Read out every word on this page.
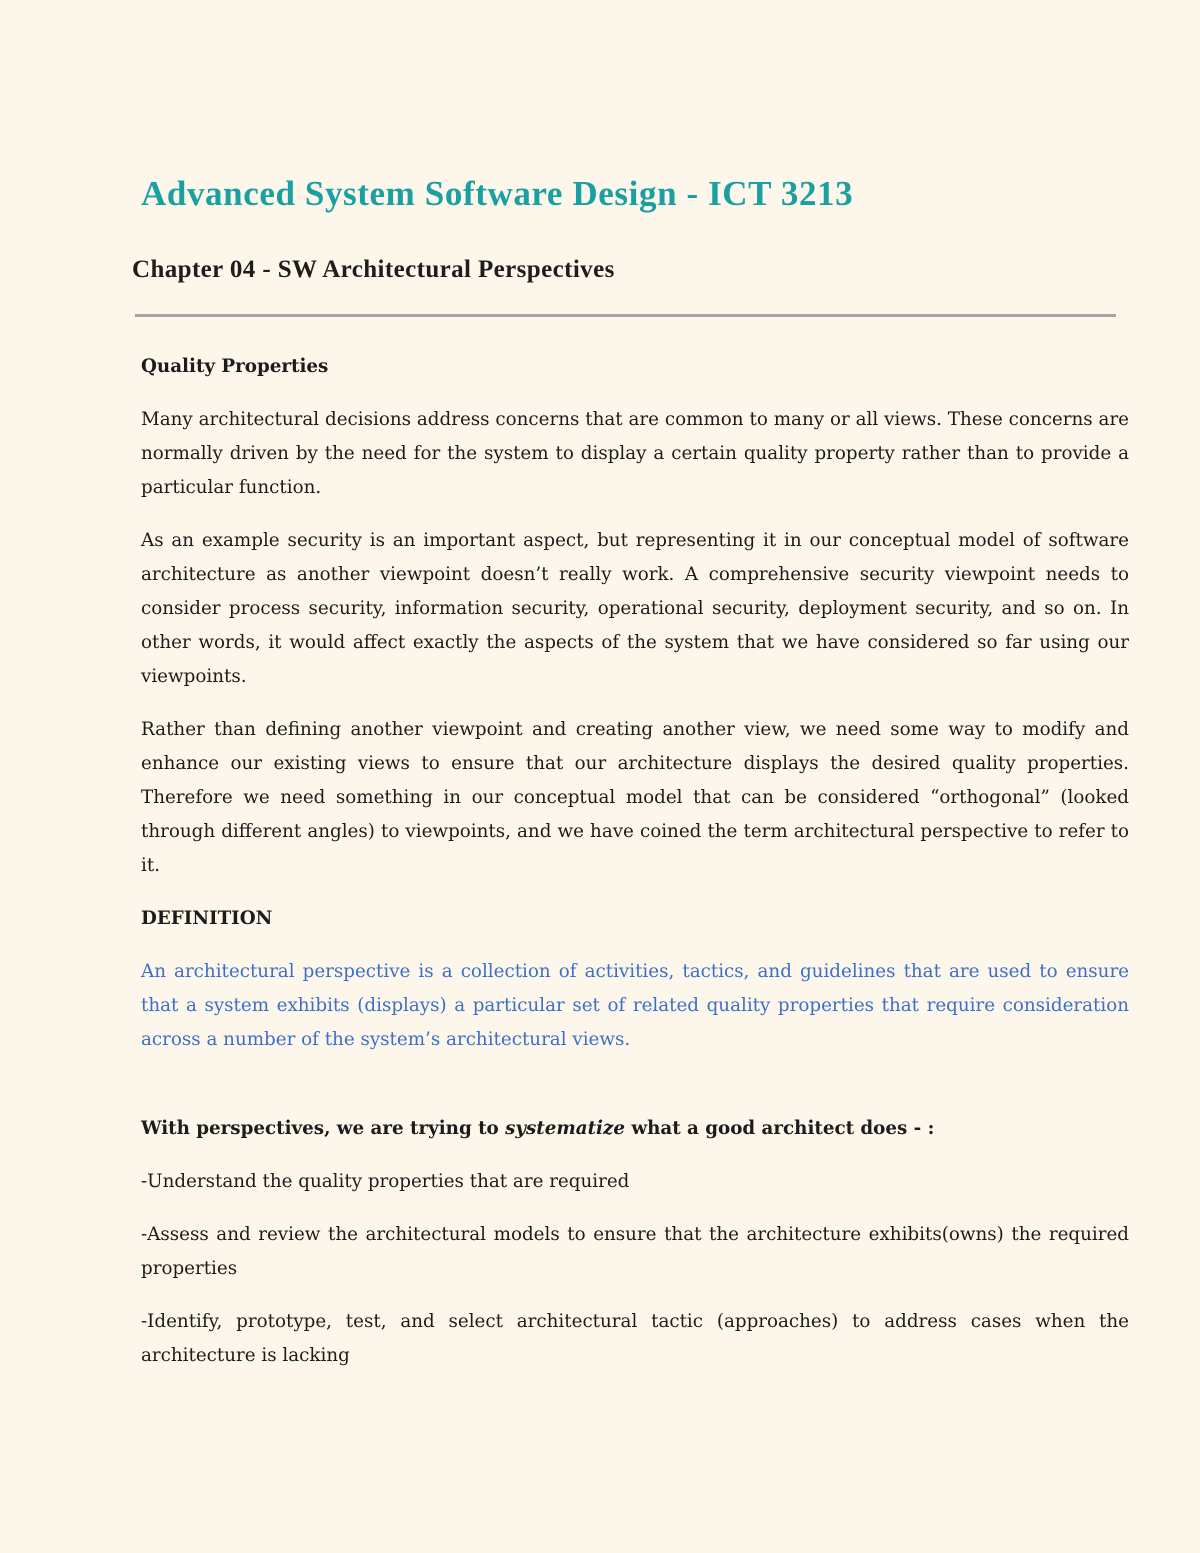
Advanced System Software Design - ICT 3213
Chapter 04 - SW Architectural Perspectives

Quality Properties

Many architectural decisions address concerns that are common to many or all views. These concerns are normally driven by the need for the system to display a certain quality property rather than to provide a particular function.

As an example security is an important aspect, but representing it in our conceptual model of software architecture as another viewpoint doesn’t really work. A comprehensive security viewpoint needs to consider process security, information security, operational security, deployment security, and so on. In other words, it would affect exactly the aspects of the system that we have considered so far using our viewpoints.

Rather than defining another viewpoint and creating another view, we need some way to modify and enhance our existing views to ensure that our architecture displays the desired quality properties. Therefore we need something in our conceptual model that can be considered “orthogonal” (looked through different angles) to viewpoints, and we have coined the term architectural perspective to refer to it.

DEFINITION

An architectural perspective is a collection of activities, tactics, and guidelines that are used to ensure that a system exhibits (displays) a particular set of related quality properties that require consideration across a number of the system’s architectural views.

With perspectives, we are trying to systematize what a good architect does - :

-Understand the quality properties that are required

-Assess and review the architectural models to ensure that the architecture exhibits(owns) the required properties

-Identify, prototype, test, and select architectural tactic (approaches) to address cases when the architecture is lacking
